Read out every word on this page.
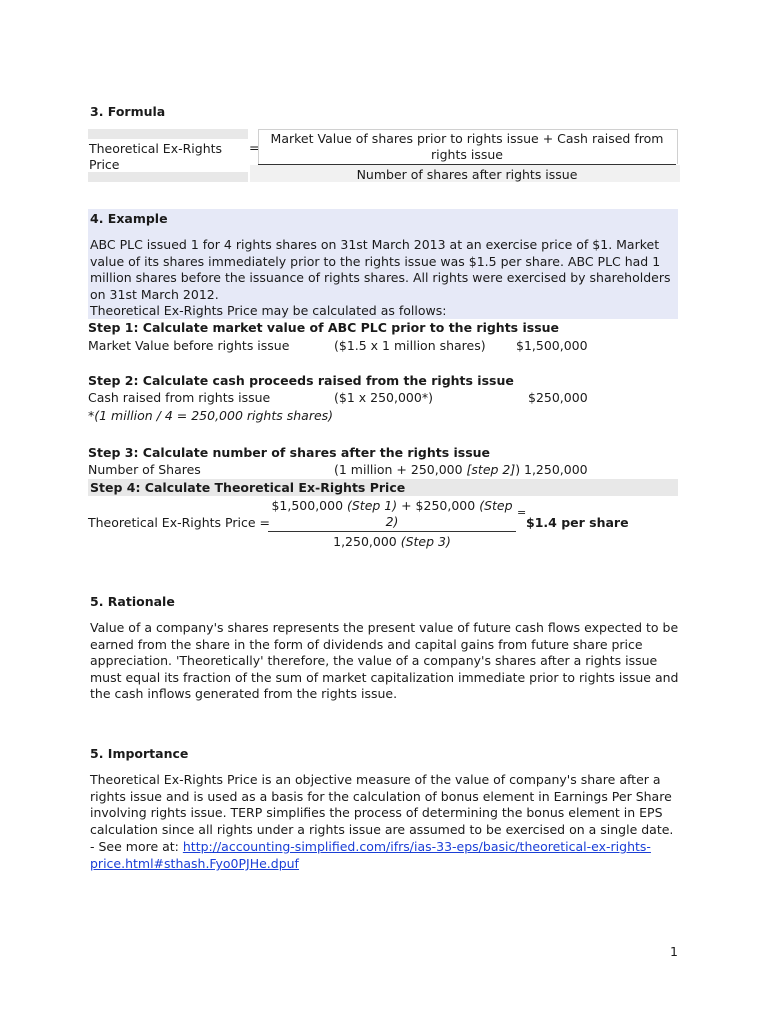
3. Formula
Theoretical Ex-Rights
Price
=
Market Value of shares prior to rights issue + Cash raised from
rights issue
Number of shares after rights issue
4. Example
ABC PLC issued 1 for 4 rights shares on 31st March 2013 at an exercise price of $1. Market
value of its shares immediately prior to the rights issue was $1.5 per share. ABC PLC had 1
million shares before the issuance of rights shares. All rights were exercised by shareholders
on 31st March 2012.
Theoretical Ex-Rights Price may be calculated as follows:
Step 1: Calculate market value of ABC PLC prior to the rights issue
Market Value before rights issue	($1.5 x 1 million shares) $1,500,000
Step 2: Calculate cash proceeds raised from the rights issue
Cash raised from rights issue	($1 x 250,000*)	$250,000
*(1 million / 4 = 250,000 rights shares)
Step 3: Calculate number of shares after the rights issue
Number of Shares	(1 million + 250,000 [step 2]) 1,250,000
Step 4: Calculate Theoretical Ex-Rights Price
$1,500,000 (Step 1) + $250,000 (Step
2)
Theoretical Ex-Rights Price =
1,250,000 (Step 3)
=
$1.4 per share
5. Rationale
Value of a company's shares represents the present value of future cash flows expected to be
earned from the share in the form of dividends and capital gains from future share price
appreciation. 'Theoretically' therefore, the value of a company's shares after a rights issue
must equal its fraction of the sum of market capitalization immediate prior to rights issue and
the cash inflows generated from the rights issue.
5. Importance
Theoretical Ex-Rights Price is an objective measure of the value of company's share after a
rights issue and is used as a basis for the calculation of bonus element in Earnings Per Share
involving rights issue. TERP simplifies the process of determining the bonus element in EPS
calculation since all rights under a rights issue are assumed to be exercised on a single date.
- See more at: http://accounting-simplified.com/ifrs/ias-33-eps/basic/theoretical-ex-rights-
price.html#sthash.Fyo0PJHe.dpuf
1
